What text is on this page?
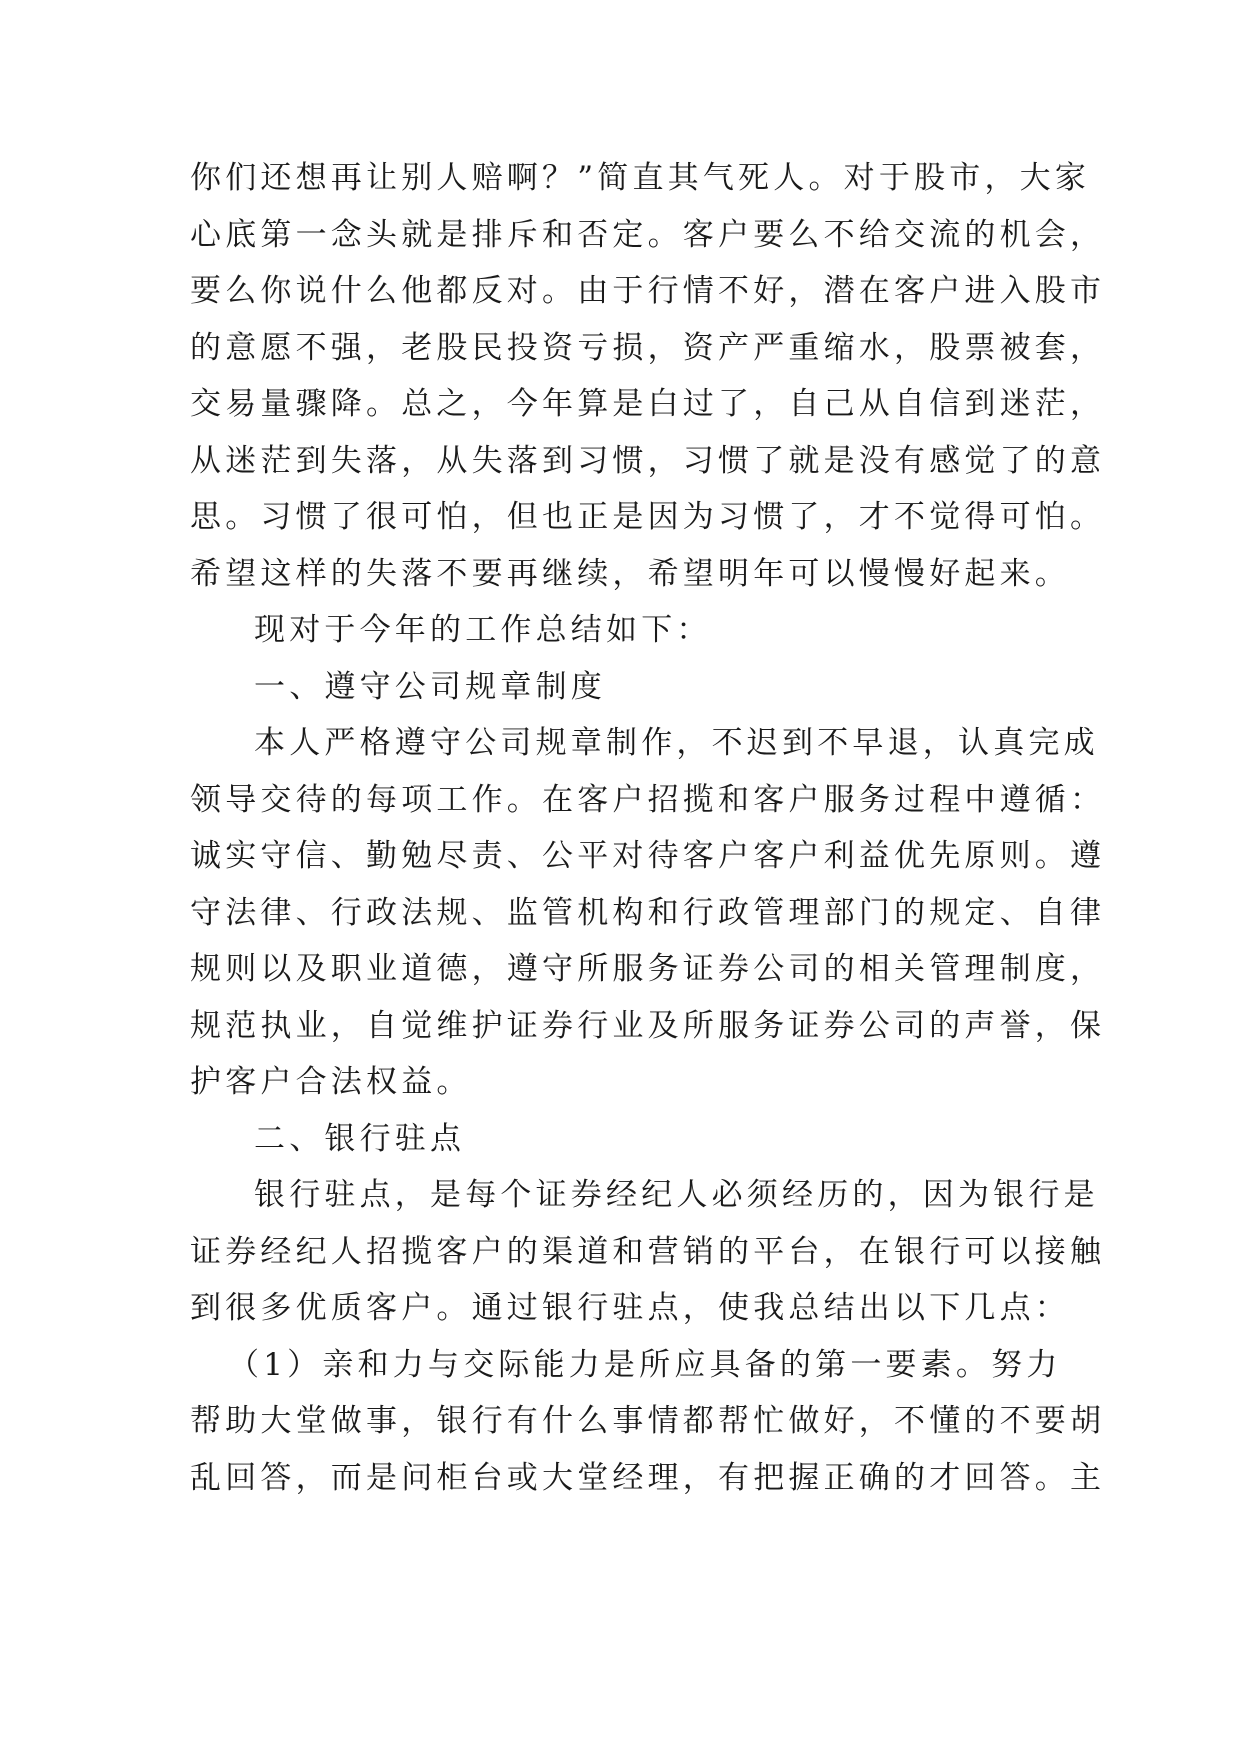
你们还想再让别人赔啊？”简直其气死人。对于股市，大家
心底第一念头就是排斥和否定。客户要么不给交流的机会，
要么你说什么他都反对。由于行情不好，潜在客户进入股市
的意愿不强，老股民投资亏损，资产严重缩水，股票被套，
交易量骤降。总之，今年算是白过了，自己从自信到迷茫，
从迷茫到失落，从失落到习惯，习惯了就是没有感觉了的意
思。习惯了很可怕，但也正是因为习惯了，才不觉得可怕。
希望这样的失落不要再继续，希望明年可以慢慢好起来。
现对于今年的工作总结如下：
一、遵守公司规章制度
本人严格遵守公司规章制作，不迟到不早退，认真完成
领导交待的每项工作。在客户招揽和客户服务过程中遵循：
诚实守信、勤勉尽责、公平对待客户客户利益优先原则。遵
守法律、行政法规、监管机构和行政管理部门的规定、自律
规则以及职业道德，遵守所服务证券公司的相关管理制度，
规范执业，自觉维护证券行业及所服务证券公司的声誉，保
护客户合法权益。
二、银行驻点
银行驻点，是每个证券经纪人必须经历的，因为银行是
证券经纪人招揽客户的渠道和营销的平台，在银行可以接触
到很多优质客户。通过银行驻点，使我总结出以下几点：
（1）亲和力与交际能力是所应具备的第一要素。努力
帮助大堂做事，银行有什么事情都帮忙做好，不懂的不要胡
乱回答，而是问柜台或大堂经理，有把握正确的才回答。主
